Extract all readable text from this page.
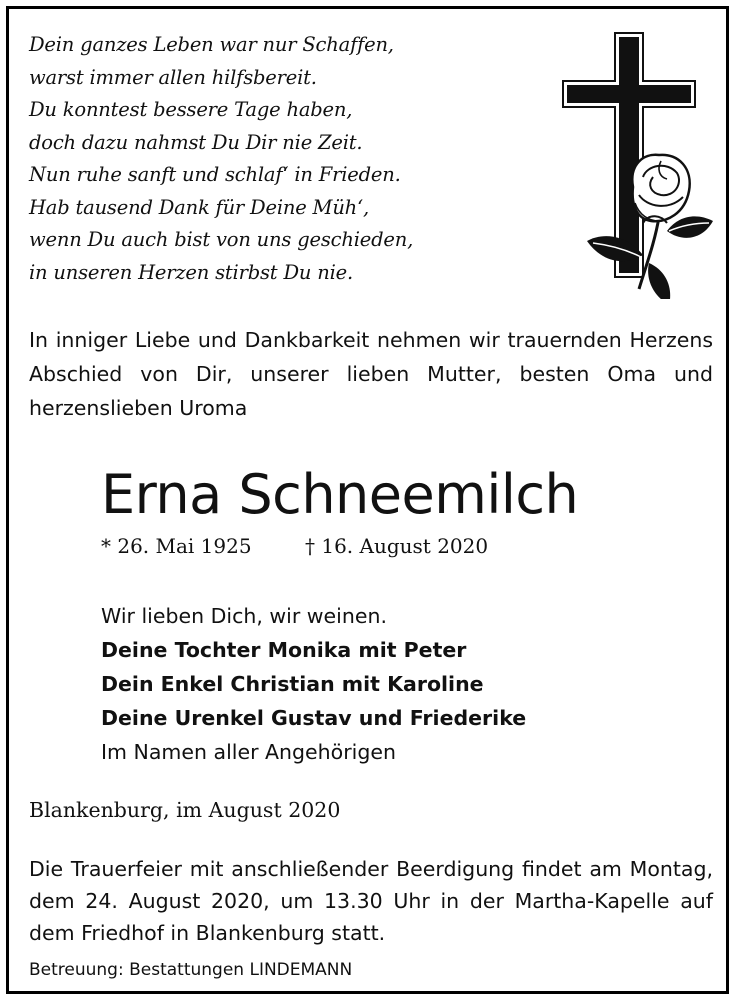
Dein ganzes Leben war nur Schaffen,
warst immer allen hilfsbereit.
Du konntest bessere Tage haben,
doch dazu nahmst Du Dir nie Zeit.
Nun ruhe sanft und schlaf‘ in Frieden.
Hab tausend Dank für Deine Müh‘,
wenn Du auch bist von uns geschieden,
in unseren Herzen stirbst Du nie.
In inniger Liebe und Dankbarkeit nehmen wir trauernden Herzens Abschied von Dir, unserer lieben Mutter, besten Oma und herzenslieben Uroma
Erna Schneemilch
* 26. Mai 1925	† 16. August 2020
Wir lieben Dich, wir weinen.
Deine Tochter Monika mit Peter
Dein Enkel Christian mit Karoline
Deine Urenkel Gustav und Friederike
Im Namen aller Angehörigen
Blankenburg, im August 2020
Die Trauerfeier mit anschließender Beerdigung findet am Montag, dem 24. August 2020, um 13.30 Uhr in der Martha-Kapelle auf dem Friedhof in Blankenburg statt.
Betreuung: Bestattungen LINDEMANN
